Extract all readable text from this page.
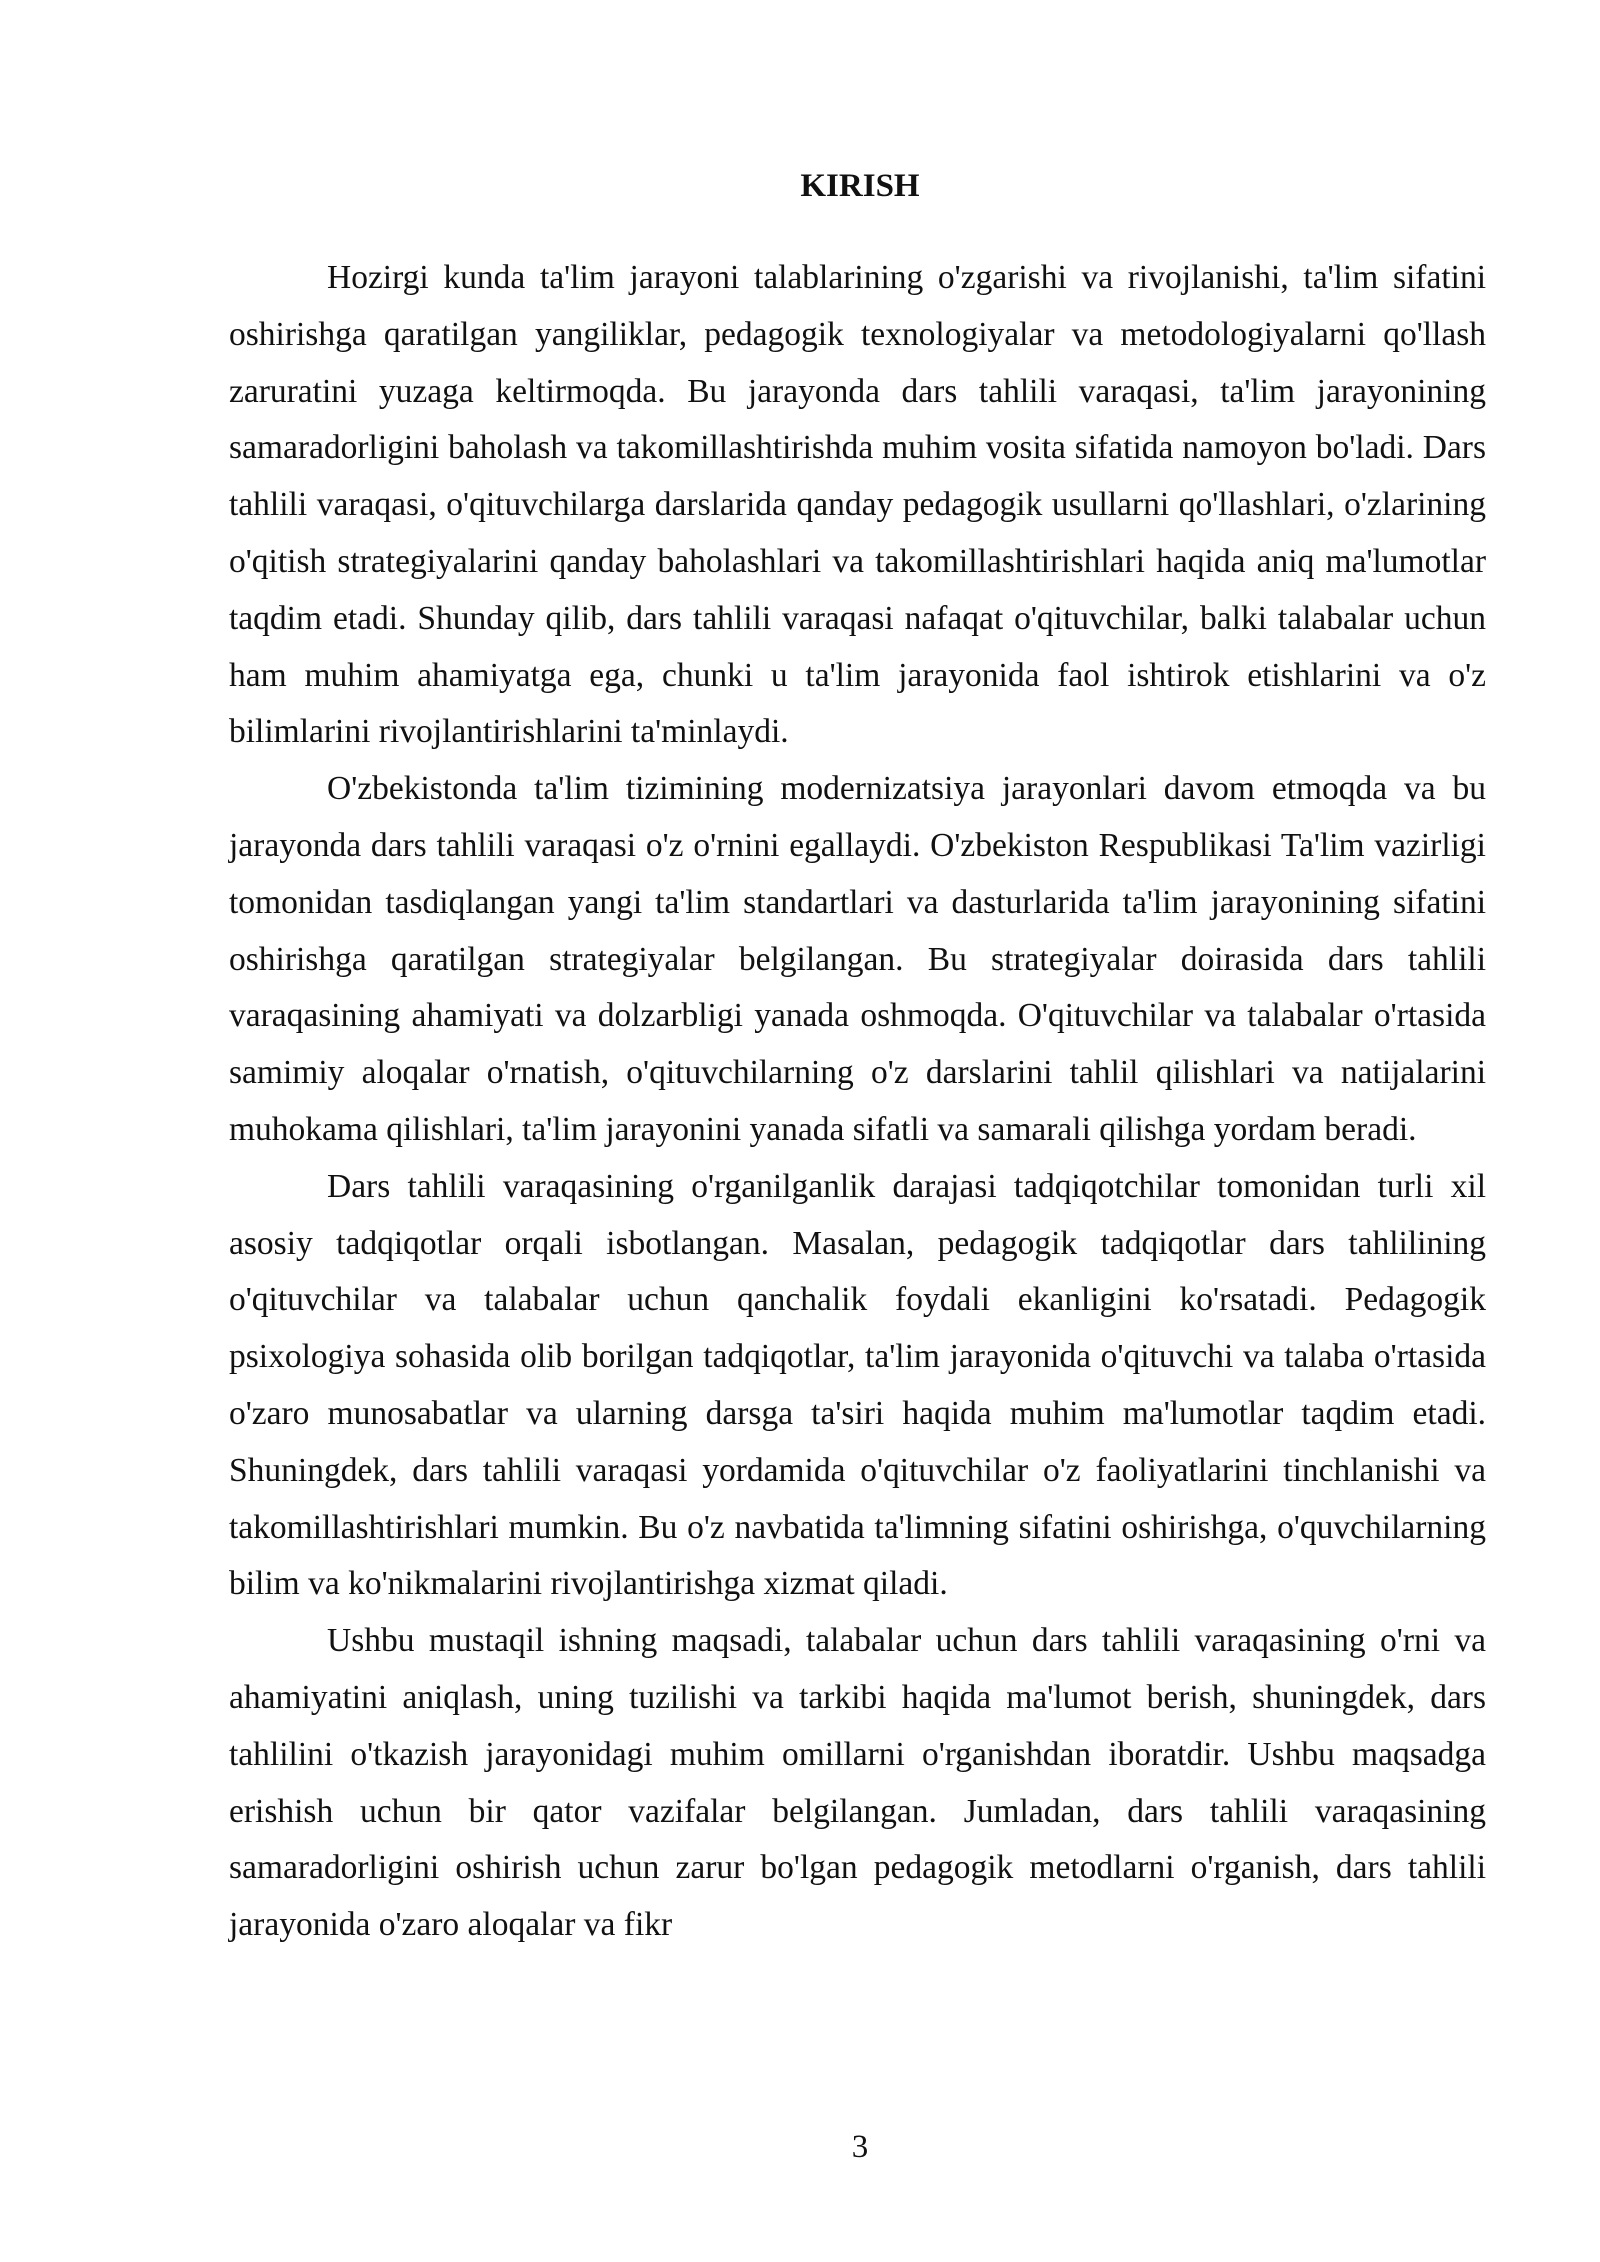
KIRISH

Hozirgi kunda ta'lim jarayoni talablarining o'zgarishi va rivojlanishi, ta'lim sifatini oshirishga qaratilgan yangiliklar, pedagogik texnologiyalar va metodologiyalarni qo'llash zaruratini yuzaga keltirmoqda. Bu jarayonda dars tahlili varaqasi, ta'lim jarayonining samaradorligini baholash va takomillashtirishda muhim vosita sifatida namoyon bo'ladi. Dars tahlili varaqasi, o'qituvchilarga darslarida qanday pedagogik usullarni qo'llashlari, o'zlarining o'qitish strategiyalarini qanday baholashlari va takomillashtirishlari haqida aniq ma'lumotlar taqdim etadi. Shunday qilib, dars tahlili varaqasi nafaqat o'qituvchilar, balki talabalar uchun ham muhim ahamiyatga ega, chunki u ta'lim jarayonida faol ishtirok etishlarini va o'z bilimlarini rivojlantirishlarini ta'minlaydi.

O'zbekistonda ta'lim tizimining modernizatsiya jarayonlari davom etmoqda va bu jarayonda dars tahlili varaqasi o'z o'rnini egallaydi. O'zbekiston Respublikasi Ta'lim vazirligi tomonidan tasdiqlangan yangi ta'lim standartlari va dasturlarida ta'lim jarayonining sifatini oshirishga qaratilgan strategiyalar belgilangan. Bu strategiyalar doirasida dars tahlili varaqasining ahamiyati va dolzarbligi yanada oshmoqda. O'qituvchilar va talabalar o'rtasida samimiy aloqalar o'rnatish, o'qituvchilarning o'z darslarini tahlil qilishlari va natijalarini muhokama qilishlari, ta'lim jarayonini yanada sifatli va samarali qilishga yordam beradi.

Dars tahlili varaqasining o'rganilganlik darajasi tadqiqotchilar tomonidan turli xil asosiy tadqiqotlar orqali isbotlangan. Masalan, pedagogik tadqiqotlar dars tahlilining o'qituvchilar va talabalar uchun qanchalik foydali ekanligini ko'rsatadi. Pedagogik psixologiya sohasida olib borilgan tadqiqotlar, ta'lim jarayonida o'qituvchi va talaba o'rtasida o'zaro munosabatlar va ularning darsga ta'siri haqida muhim ma'lumotlar taqdim etadi. Shuningdek, dars tahlili varaqasi yordamida o'qituvchilar o'z faoliyatlarini tinchlanishi va takomillashtirishlari mumkin. Bu o'z navbatida ta'limning sifatini oshirishga, o'quvchilarning bilim va ko'nikmalarini rivojlantirishga xizmat qiladi.

Ushbu mustaqil ishning maqsadi, talabalar uchun dars tahlili varaqasining o'rni va ahamiyatini aniqlash, uning tuzilishi va tarkibi haqida ma'lumot berish, shuningdek, dars tahlilini o'tkazish jarayonidagi muhim omillarni o'rganishdan iboratdir. Ushbu maqsadga erishish uchun bir qator vazifalar belgilangan. Jumladan, dars tahlili varaqasining samaradorligini oshirish uchun zarur bo'lgan pedagogik metodlarni o'rganish, dars tahlili jarayonida o'zaro aloqalar va fikr

3
